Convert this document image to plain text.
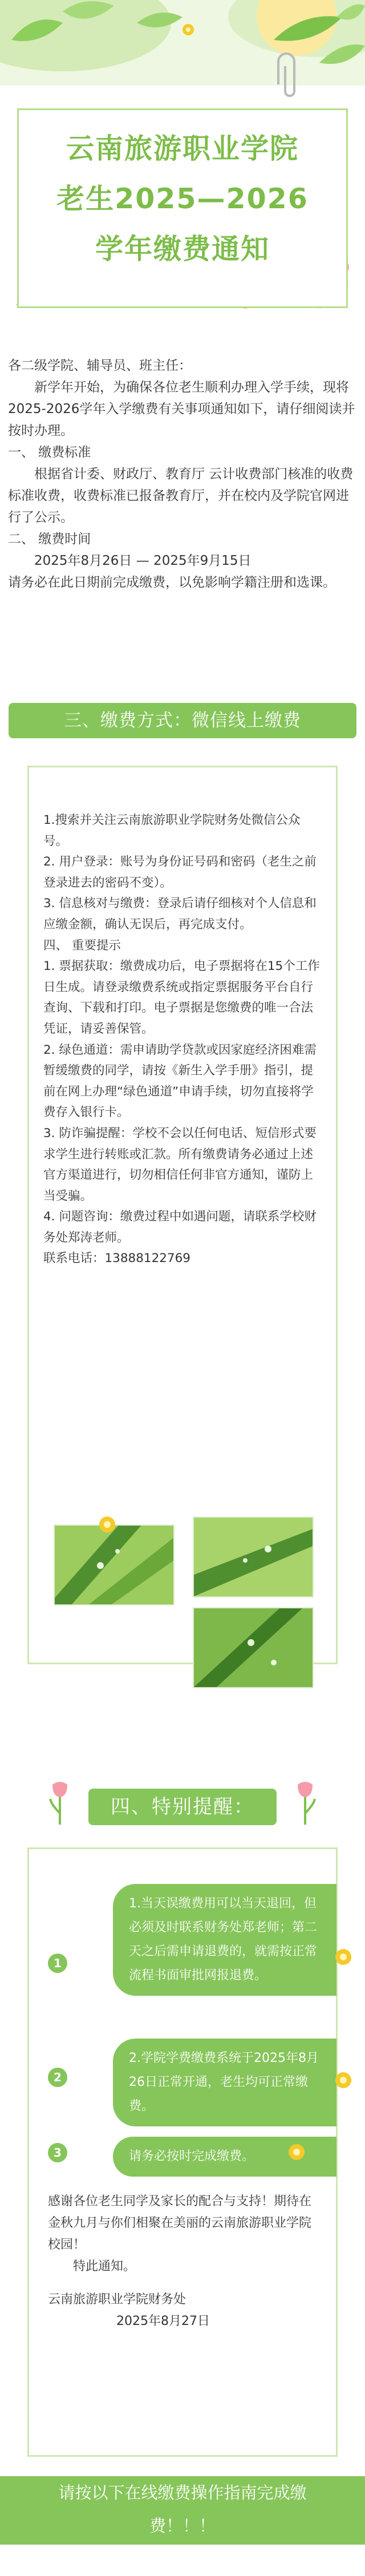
云南旅游职业学院
老生2025—2026
学年缴费通知

各二级学院、辅导员、班主任：

新学年开始，为确保各位老生顺利办理入学手续，现将2025-2026学年入学缴费有关事项通知如下，请仔细阅读并按时办理。

一、 缴费标准

根据省计委、财政厅、教育厅 云计收费部门核准的收费标准收费，收费标准已报备教育厅，并在校内及学院官网进行了公示。

二、 缴费时间

2025年8月26日 — 2025年9月15日

请务必在此日期前完成缴费，以免影响学籍注册和选课。

三、缴费方式：微信线上缴费

1.搜索并关注云南旅游职业学院财务处微信公众号。

2. 用户登录：账号为身份证号码和密码（老生之前登录进去的密码不变）。

3. 信息核对与缴费：登录后请仔细核对个人信息和应缴金额，确认无误后，再完成支付。

四、 重要提示

1. 票据获取：缴费成功后，电子票据将在15个工作日生成。请登录缴费系统或指定票据服务平台自行查询、下载和打印。电子票据是您缴费的唯一合法凭证，请妥善保管。

2. 绿色通道：需申请助学贷款或因家庭经济困难需暂缓缴费的同学，请按《新生入学手册》指引，提前在网上办理“绿色通道”申请手续，切勿直接将学费存入银行卡。

3. 防诈骗提醒：学校不会以任何电话、短信形式要求学生进行转账或汇款。所有缴费请务必通过上述官方渠道进行，切勿相信任何非官方通知，谨防上当受骗。

4. 问题咨询：缴费过程中如遇问题，请联系学校财务处郑涛老师。

联系电话：13888122769

四、特别提醒：
1
1.当天误缴费用可以当天退回，但必须及时联系财务处郑老师；第二天之后需申请退费的，就需按正常流程书面审批网报退费。
2
2.学院学费缴费系统于2025年8月26日正常开通，老生均可正常缴费。
3	请务必按时完成缴费。

感谢各位老生同学及家长的配合与支持！期待在金秋九月与你们相聚在美丽的云南旅游职业学院校园！

特此通知。

云南旅游职业学院财务处

2025年8月27日

请按以下在线缴费操作指南完成缴
费！！！
